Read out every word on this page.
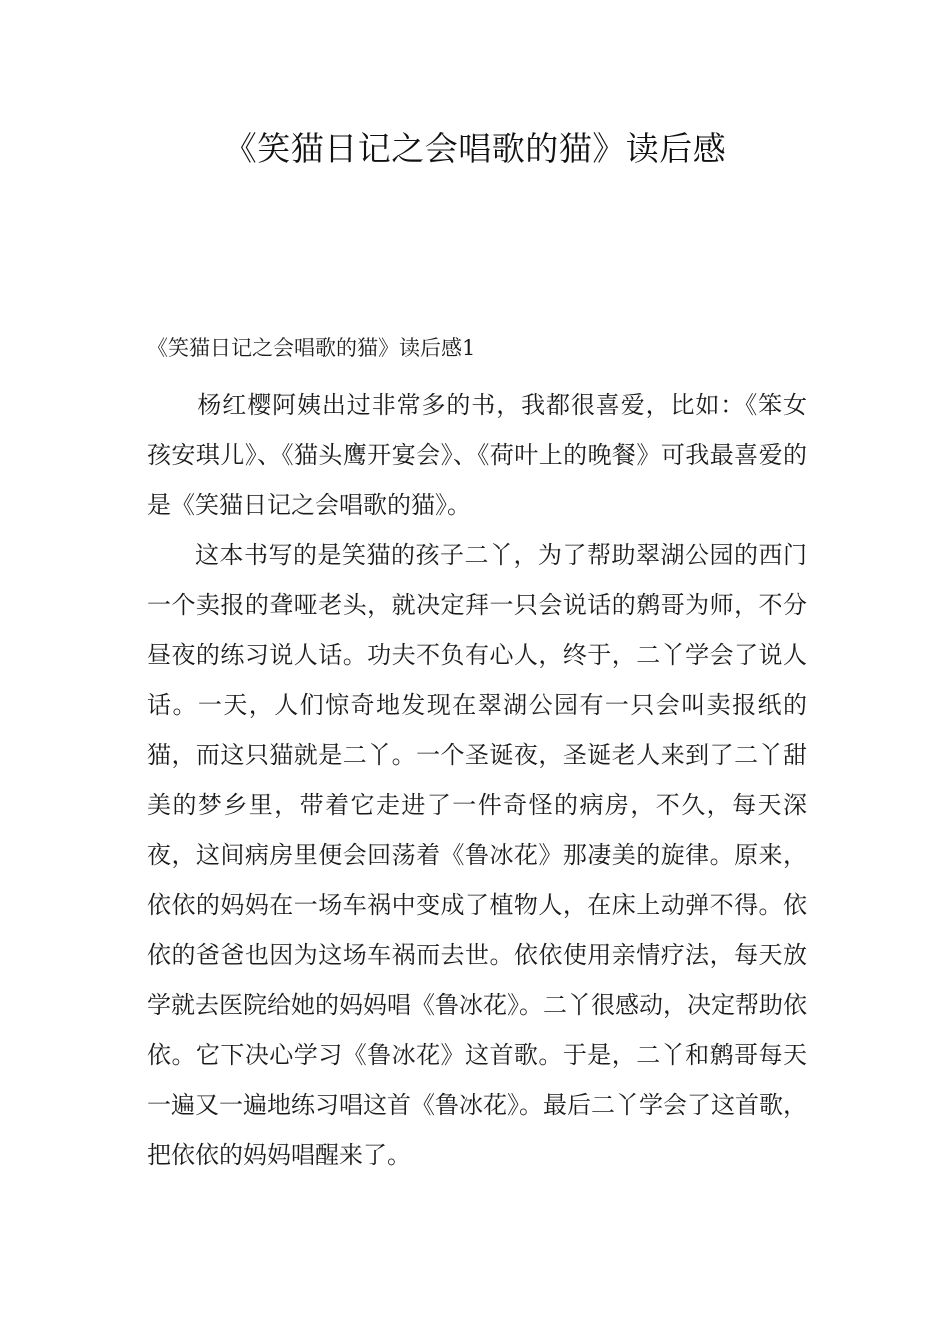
《笑猫日记之会唱歌的猫》读后感
《笑猫日记之会唱歌的猫》读后感1

杨红樱阿姨出过非常多的书，我都很喜爱，比如：《笨女孩安琪儿》、《猫头鹰开宴会》、《荷叶上的晚餐》可我最喜爱的是《笑猫日记之会唱歌的猫》。

这本书写的是笑猫的孩子二丫，为了帮助翠湖公园的西门一个卖报的聋哑老头，就决定拜一只会说话的鹩哥为师，不分昼夜的练习说人话。功夫不负有心人，终于，二丫学会了说人话。一天，人们惊奇地发现在翠湖公园有一只会叫卖报纸的猫，而这只猫就是二丫。一个圣诞夜，圣诞老人来到了二丫甜美的梦乡里，带着它走进了一件奇怪的病房，不久，每天深夜，这间病房里便会回荡着《鲁冰花》那凄美的旋律。原来，依依的妈妈在一场车祸中变成了植物人，在床上动弹不得。依依的爸爸也因为这场车祸而去世。依依使用亲情疗法，每天放学就去医院给她的妈妈唱《鲁冰花》。二丫很感动，决定帮助依依。它下决心学习《鲁冰花》这首歌。于是，二丫和鹩哥每天一遍又一遍地练习唱这首《鲁冰花》。最后二丫学会了这首歌，把依依的妈妈唱醒来了。
